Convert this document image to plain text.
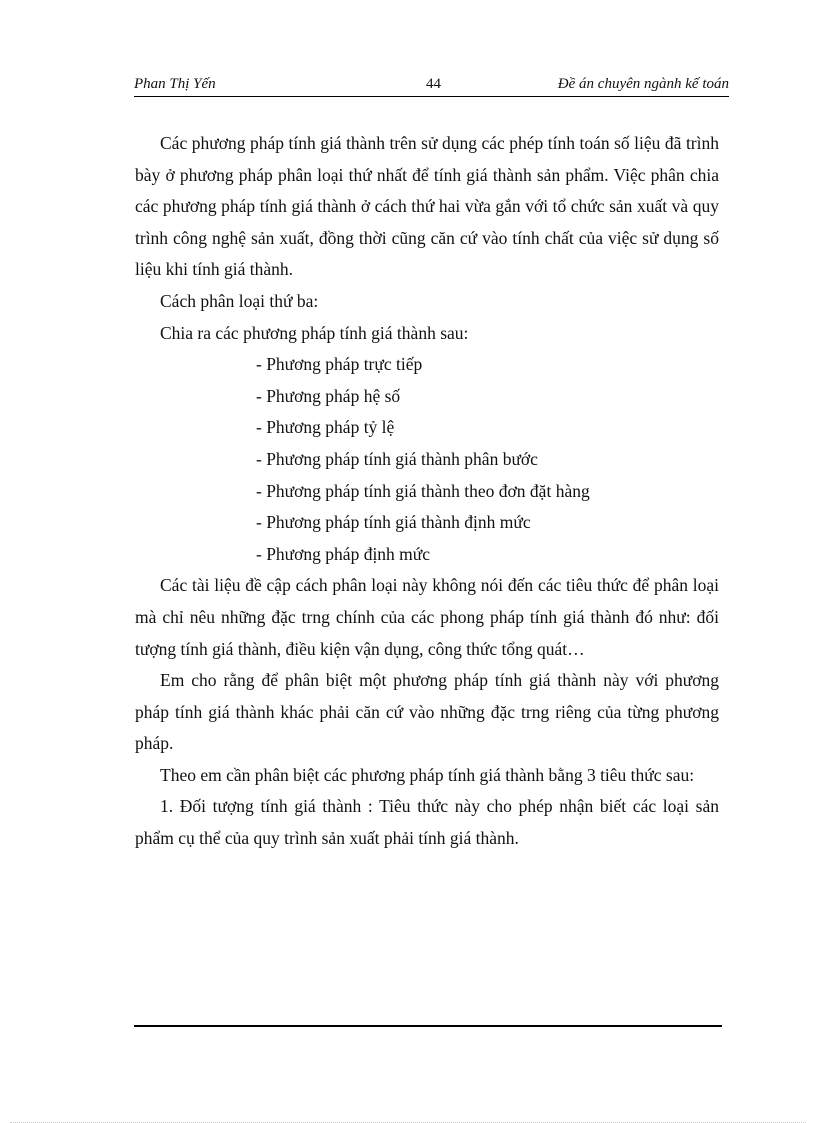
Phan Thị Yến	44	Đề án chuyên ngành kế toán

Các phương pháp tính giá thành trên sử dụng các phép tính toán số liệu đã trình bày ở phương pháp phân loại thứ nhất để tính giá thành sản phẩm. Việc phân chia các phương pháp tính giá thành ở cách thứ hai vừa gắn với tổ chức sản xuất và quy trình công nghệ sản xuất, đồng thời cũng căn cứ vào tính chất của việc sử dụng số liệu khi tính giá thành.

Cách phân loại thứ ba:

Chia ra các phương pháp tính giá thành sau:

- Phương pháp trực tiếp
- Phương pháp hệ số
- Phương pháp tỷ lệ
- Phương pháp tính giá thành phân bước
- Phương pháp tính giá thành theo đơn đặt hàng
- Phương pháp tính giá thành định mức
- Phương pháp định mức

Các tài liệu đề cập cách phân loại này không nói đến các tiêu thức để phân loại mà chỉ nêu những đặc trng chính của các phong pháp tính giá thành đó như: đối tượng tính giá thành, điều kiện vận dụng, công thức tổng quát…

Em cho rằng để phân biệt một phương pháp tính giá thành này với phương pháp tính giá thành khác phải căn cứ vào những đặc trng riêng của từng phương pháp.

Theo em cần phân biệt các phương pháp tính giá thành bằng 3 tiêu thức sau:

1. Đối tượng tính giá thành : Tiêu thức này cho phép nhận biết các loại sản phẩm cụ thể của quy trình sản xuất phải tính giá thành.
